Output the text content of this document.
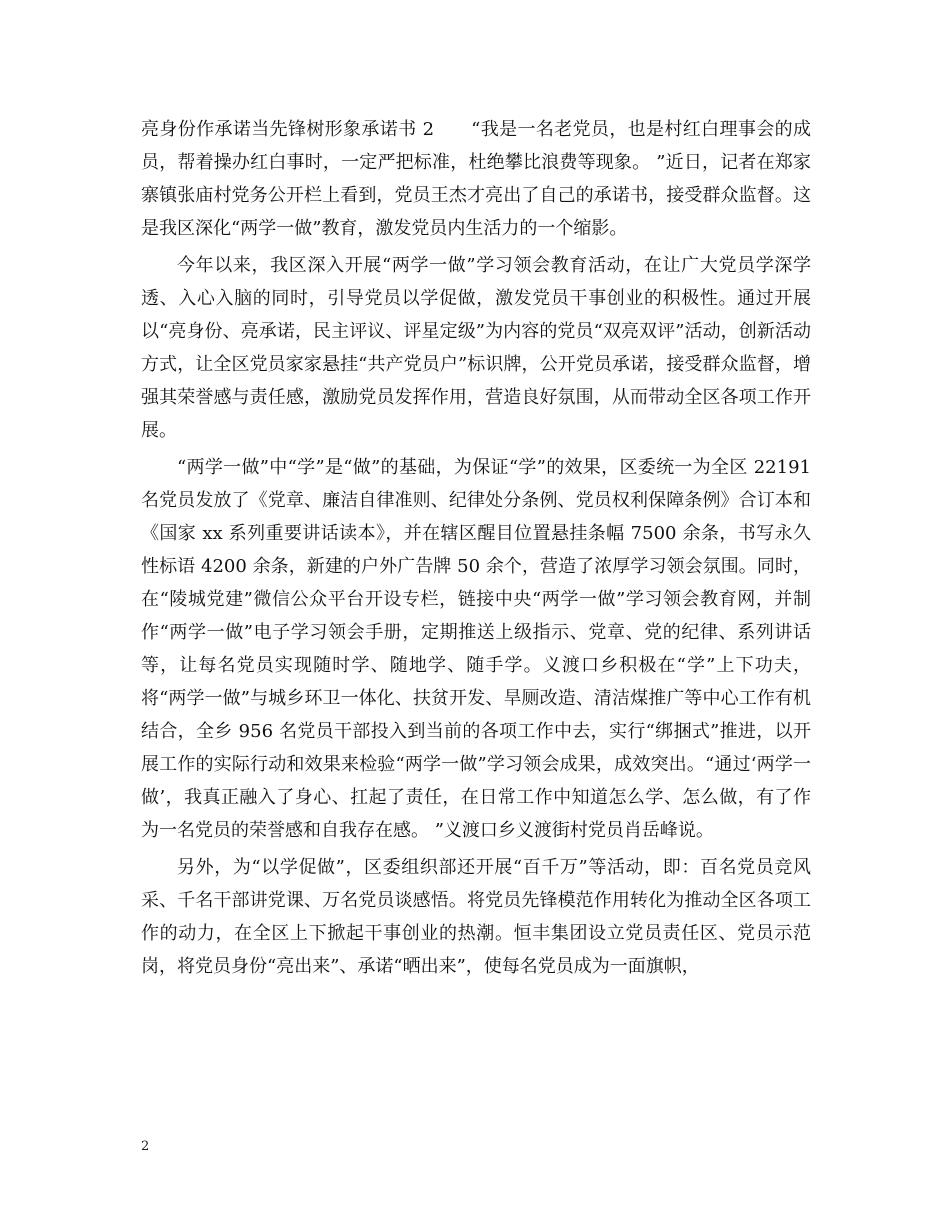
亮身份作承诺当先锋树形象承诺书 2　　“我是一名老党员，也是村红白理事会的成员，帮着操办红白事时，一定严把标准，杜绝攀比浪费等现象。 ”近日，记者在郑家寨镇张庙村党务公开栏上看到，党员王杰才亮出了自己的承诺书，接受群众监督。这是我区深化“两学一做”教育，激发党员内生活力的一个缩影。

今年以来，我区深入开展“两学一做”学习领会教育活动，在让广大党员学深学透、入心入脑的同时，引导党员以学促做，激发党员干事创业的积极性。通过开展以“亮身份、亮承诺，民主评议、评星定级”为内容的党员“双亮双评”活动，创新活动方式，让全区党员家家悬挂“共产党员户”标识牌，公开党员承诺，接受群众监督，增强其荣誉感与责任感，激励党员发挥作用，营造良好氛围，从而带动全区各项工作开展。

“两学一做”中“学”是“做”的基础，为保证“学”的效果，区委统一为全区 22191 名党员发放了《党章、廉洁自律准则、纪律处分条例、党员权利保障条例》合订本和《国家 xx 系列重要讲话读本》，并在辖区醒目位置悬挂条幅 7500 余条，书写永久性标语 4200 余条，新建的户外广告牌 50 余个，营造了浓厚学习领会氛围。同时，在“陵城党建”微信公众平台开设专栏，链接中央“两学一做”学习领会教育网，并制作“两学一做”电子学习领会手册，定期推送上级指示、党章、党的纪律、系列讲话等，让每名党员实现随时学、随地学、随手学。义渡口乡积极在“学”上下功夫，将“两学一做”与城乡环卫一体化、扶贫开发、旱厕改造、清洁煤推广等中心工作有机结合，全乡 956 名党员干部投入到当前的各项工作中去，实行“绑捆式”推进，以开展工作的实际行动和效果来检验“两学一做”学习领会成果，成效突出。“通过‘两学一做’，我真正融入了身心、扛起了责任，在日常工作中知道怎么学、怎么做，有了作为一名党员的荣誉感和自我存在感。 ”义渡口乡义渡街村党员肖岳峰说。

另外，为“以学促做”，区委组织部还开展“百千万”等活动，即：百名党员竞风采、千名干部讲党课、万名党员谈感悟。将党员先锋模范作用转化为推动全区各项工作的动力，在全区上下掀起干事创业的热潮。恒丰集团设立党员责任区、党员示范岗，将党员身份“亮出来”、承诺“晒出来”，使每名党员成为一面旗帜，

2
